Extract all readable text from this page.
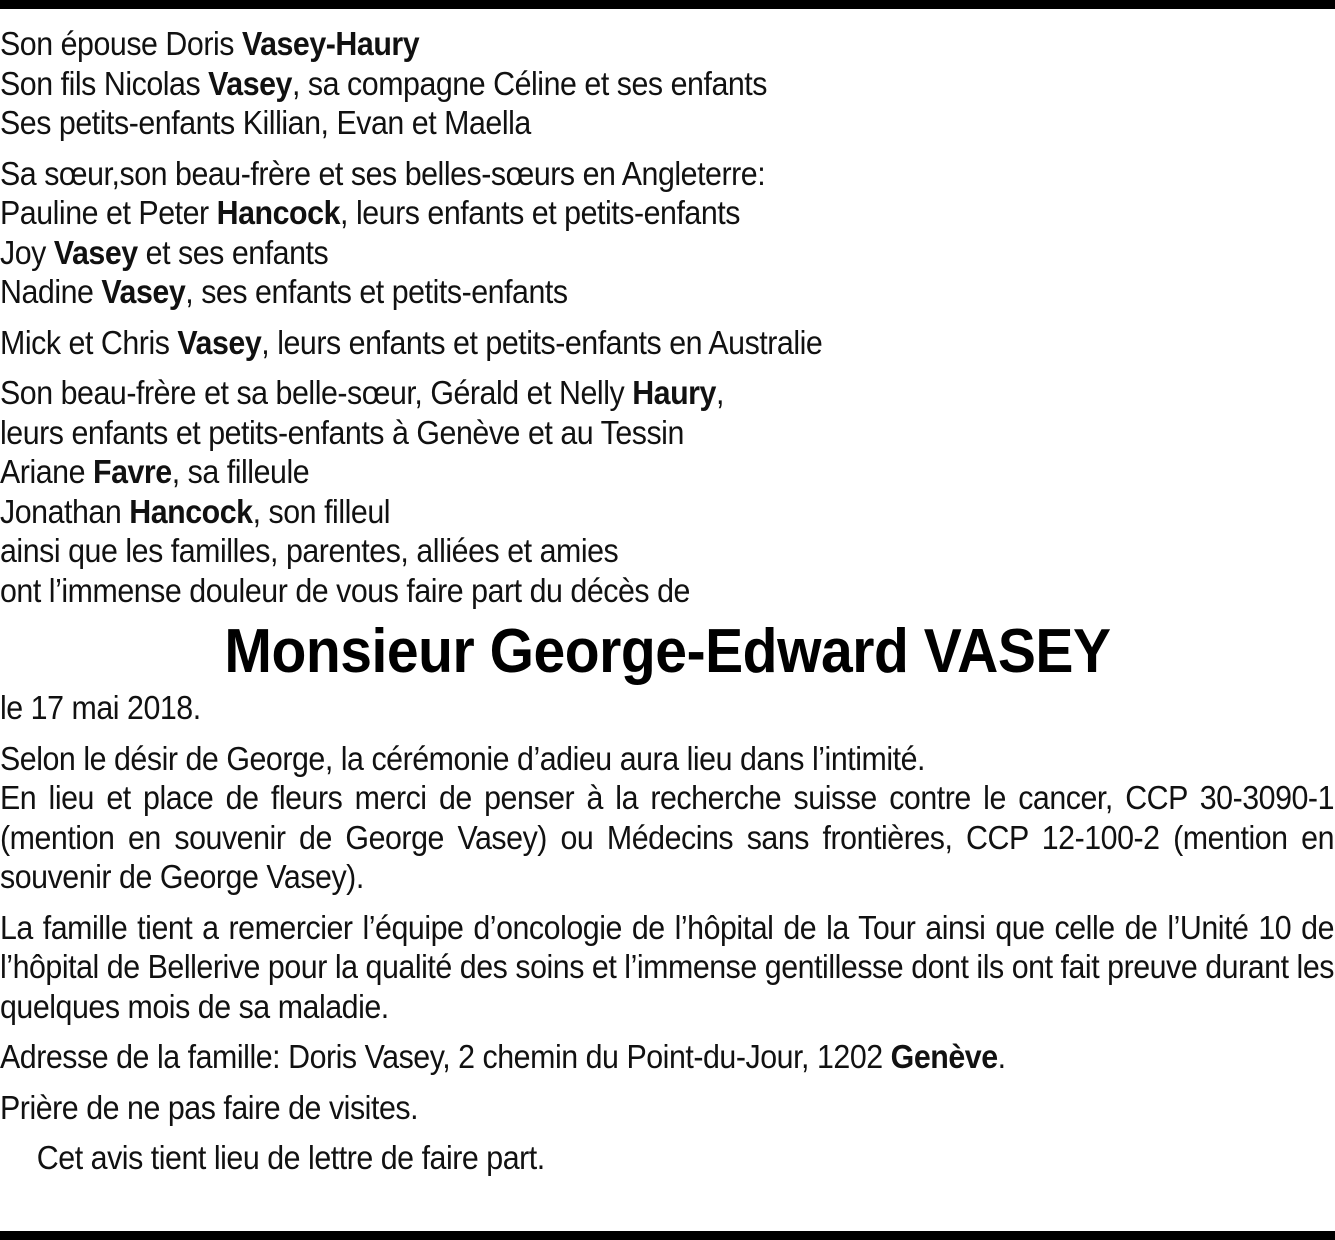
Son épouse Doris Vasey-Haury
Son fils Nicolas Vasey, sa compagne Céline et ses enfants
Ses petits-enfants Killian, Evan et Maella
Sa sœur,son beau-frère et ses belles-sœurs en Angleterre:
Pauline et Peter Hancock, leurs enfants et petits-enfants
Joy Vasey et ses enfants
Nadine Vasey, ses enfants et petits-enfants
Mick et Chris Vasey, leurs enfants et petits-enfants en Australie
Son beau-frère et sa belle-sœur, Gérald et Nelly Haury,
leurs enfants et petits-enfants à Genève et au Tessin
Ariane Favre, sa filleule
Jonathan Hancock, son filleul
ainsi que les familles, parentes, alliées et amies
ont l’immense douleur de vous faire part du décès de
Monsieur George-Edward VASEY
le 17 mai 2018.
Selon le désir de George, la cérémonie d’adieu aura lieu dans l’intimité.
En lieu et place de fleurs merci de penser à la recherche suisse contre le cancer, CCP 30-3090-1 (mention en souvenir de George Vasey) ou Médecins sans frontières, CCP 12-100-2 (mention en souvenir de George Vasey).
La famille tient a remercier l’équipe d’oncologie de l’hôpital de la Tour ainsi que celle de l’Unité 10 de l’hôpital de Bellerive pour la qualité des soins et l’immense gentillesse dont ils ont fait preuve durant les quelques mois de sa maladie.
Adresse de la famille: Doris Vasey, 2 chemin du Point-du-Jour, 1202 Genève.
Prière de ne pas faire de visites.
Cet avis tient lieu de lettre de faire part.
